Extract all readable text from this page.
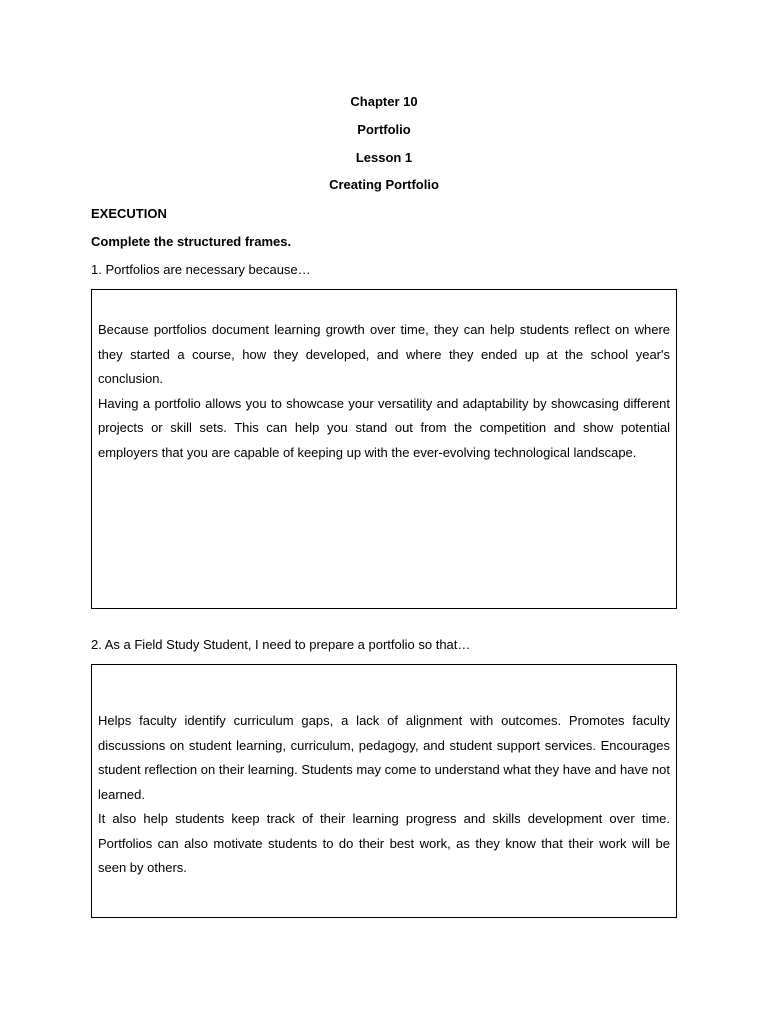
Chapter 10
Portfolio
Lesson 1
Creating Portfolio
EXECUTION
Complete the structured frames.
1. Portfolios are necessary because…

Because portfolios document learning growth over time, they can help students reflect on where they started a course, how they developed, and where they ended up at the school year's conclusion.

Having a portfolio allows you to showcase your versatility and adaptability by showcasing different projects or skill sets. This can help you stand out from the competition and show potential employers that you are capable of keeping up with the ever-evolving technological landscape.

2. As a Field Study Student, I need to prepare a portfolio so that…

Helps faculty identify curriculum gaps, a lack of alignment with outcomes. Promotes faculty discussions on student learning, curriculum, pedagogy, and student support services. Encourages student reflection on their learning. Students may come to understand what they have and have not learned.

It also help students keep track of their learning progress and skills development over time. Portfolios can also motivate students to do their best work, as they know that their work will be seen by others.
